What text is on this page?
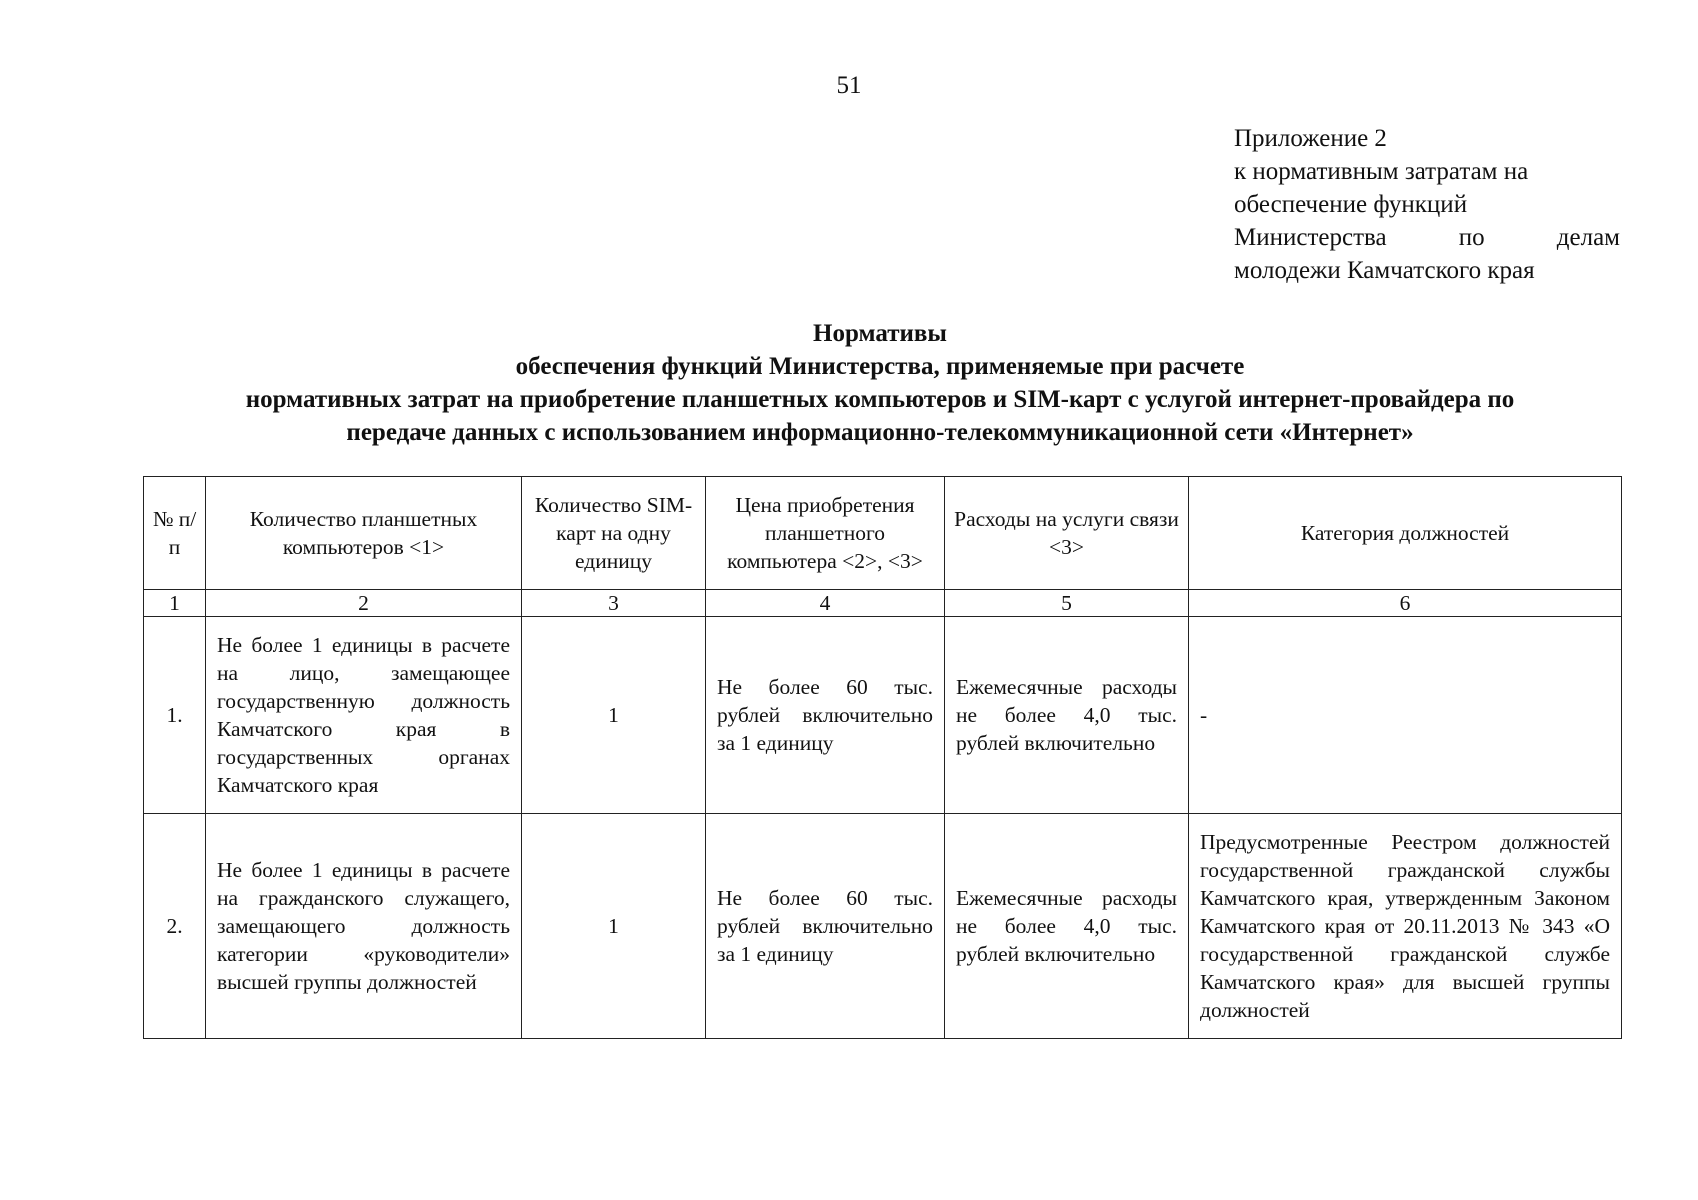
51
Приложение 2
к нормативным затратам на
обеспечение функций
Министерства по делам
молодежи Камчатского края
Нормативы
обеспечения функций Министерства, применяемые при расчете
нормативных затрат на приобретение планшетных компьютеров и SIM-карт с услугой интернет-провайдера по
передаче данных с использованием информационно-телекоммуникационной сети «Интернет»
№ п/п	Количество планшетных компьютеров <1>	Количество SIM-карт на одну единицу	Цена приобретения планшетного компьютера <2>, <3>	Расходы на услуги связи <3>	Категория должностей
1	2	3	4	5	6
1.	Не более 1 единицы в расчете на лицо, замещающее государственную должность Камчатского края в государственных органах Камчатского края	1	Не более 60 тыс. рублей включительно за 1 единицу	Ежемесячные расходы не более 4,0 тыс. рублей включительно	-
2.	Не более 1 единицы в расчете на гражданского служащего, замещающего должность категории «руководители» высшей группы должностей	1	Не более 60 тыс. рублей включительно за 1 единицу	Ежемесячные расходы не более 4,0 тыс. рублей включительно	Предусмотренные Реестром должностей государственной гражданской службы Камчатского края, утвержденным Законом Камчатского края от 20.11.2013 № 343 «О государственной гражданской службе Камчатского края» для высшей группы должностей
